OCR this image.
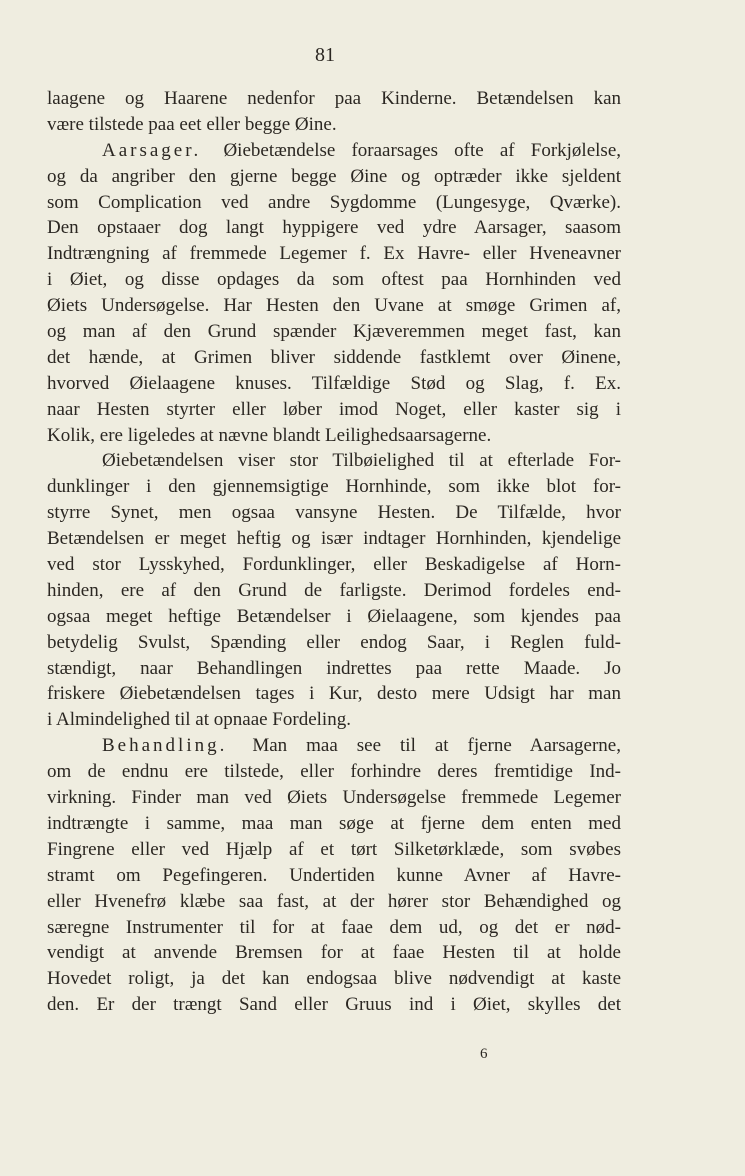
81
laagene og Haarene nedenfor paa Kinderne. Betændelsen kan
være tilstede paa eet eller begge Øine.
Aarsager. Øiebetændelse foraarsages ofte af Forkjølelse,
og da angriber den gjerne begge Øine og optræder ikke sjeldent
som Complication ved andre Sygdomme (Lungesyge, Qværke).
Den opstaaer dog langt hyppigere ved ydre Aarsager, saasom
Indtrængning af fremmede Legemer f. Ex Havre- eller Hveneavner
i Øiet, og disse opdages da som oftest paa Hornhinden ved
Øiets Undersøgelse. Har Hesten den Uvane at smøge Grimen af,
og man af den Grund spænder Kjæveremmen meget fast, kan
det hænde, at Grimen bliver siddende fastklemt over Øinene,
hvorved Øielaagene knuses. Tilfældige Stød og Slag, f. Ex.
naar Hesten styrter eller løber imod Noget, eller kaster sig i
Kolik, ere ligeledes at nævne blandt Leilighedsaarsagerne.
Øiebetændelsen viser stor Tilbøielighed til at efterlade For-
dunklinger i den gjennemsigtige Hornhinde, som ikke blot for-
styrre Synet, men ogsaa vansyne Hesten. De Tilfælde, hvor
Betændelsen er meget heftig og især indtager Hornhinden, kjendelige
ved stor Lysskyhed, Fordunklinger, eller Beskadigelse af Horn-
hinden, ere af den Grund de farligste. Derimod fordeles end-
ogsaa meget heftige Betændelser i Øielaagene, som kjendes paa
betydelig Svulst, Spænding eller endog Saar, i Reglen fuld-
stændigt, naar Behandlingen indrettes paa rette Maade. Jo
friskere Øiebetændelsen tages i Kur, desto mere Udsigt har man
i Almindelighed til at opnaae Fordeling.
Behandling. Man maa see til at fjerne Aarsagerne,
om de endnu ere tilstede, eller forhindre deres fremtidige Ind-
virkning. Finder man ved Øiets Undersøgelse fremmede Legemer
indtrængte i samme, maa man søge at fjerne dem enten med
Fingrene eller ved Hjælp af et tørt Silketørklæde, som svøbes
stramt om Pegefingeren. Undertiden kunne Avner af Havre-
eller Hvenefrø klæbe saa fast, at der hører stor Behændighed og
særegne Instrumenter til for at faae dem ud, og det er nød-
vendigt at anvende Bremsen for at faae Hesten til at holde
Hovedet roligt, ja det kan endogsaa blive nødvendigt at kaste
den. Er der trængt Sand eller Gruus ind i Øiet, skylles det
6
